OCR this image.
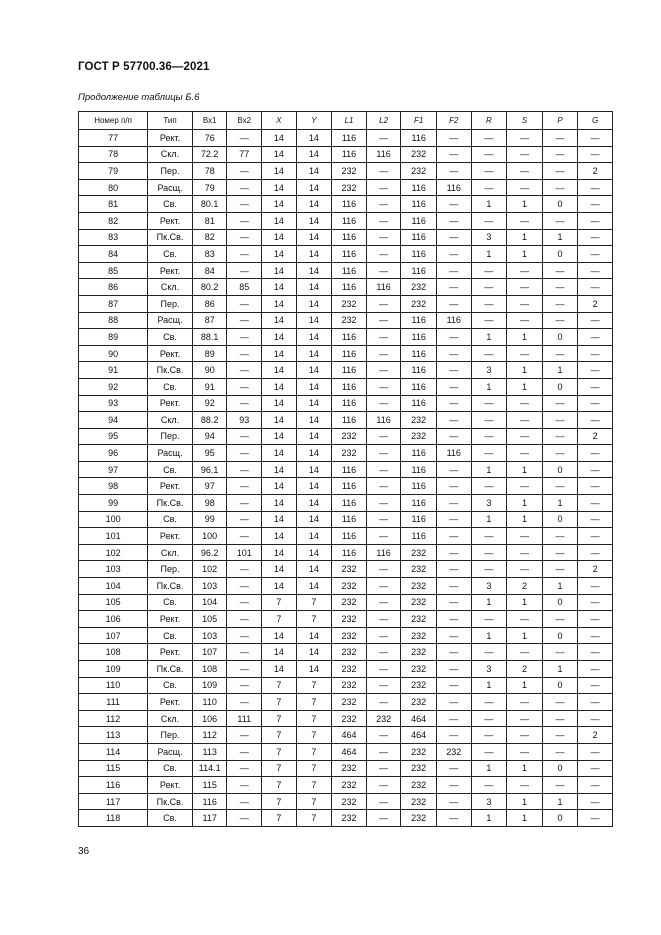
ГОСТ Р 57700.36—2021
Продолжение таблицы Б.6
Номер п/п	Тип	Вх1	Вх2	X	Y	L1	L2	F1	F2	R	S	P	G
77	Рект.	76	—	14	14	116	—	116	—	—	—	—	—
78	Скл.	72.2	77	14	14	116	116	232	—	—	—	—	—
79	Пер.	78	—	14	14	232	—	232	—	—	—	—	2
80	Расщ.	79	—	14	14	232	—	116	116	—	—	—	—
81	Св.	80.1	—	14	14	116	—	116	—	1	1	0	—
82	Рект.	81	—	14	14	116	—	116	—	—	—	—	—
83	Пк.Св.	82	—	14	14	116	—	116	—	3	1	1	—
84	Св.	83	—	14	14	116	—	116	—	1	1	0	—
85	Рект.	84	—	14	14	116	—	116	—	—	—	—	—
86	Скл.	80.2	85	14	14	116	116	232	—	—	—	—	—
87	Пер.	86	—	14	14	232	—	232	—	—	—	—	2
88	Расщ.	87	—	14	14	232	—	116	116	—	—	—	—
89	Св.	88.1	—	14	14	116	—	116	—	1	1	0	—
90	Рект.	89	—	14	14	116	—	116	—	—	—	—	—
91	Пк.Св.	90	—	14	14	116	—	116	—	3	1	1	—
92	Св.	91	—	14	14	116	—	116	—	1	1	0	—
93	Рект.	92	—	14	14	116	—	116	—	—	—	—	—
94	Скл.	88.2	93	14	14	116	116	232	—	—	—	—	—
95	Пер.	94	—	14	14	232	—	232	—	—	—	—	2
96	Расщ.	95	—	14	14	232	—	116	116	—	—	—	—
97	Св.	96.1	—	14	14	116	—	116	—	1	1	0	—
98	Рект.	97	—	14	14	116	—	116	—	—	—	—	—
99	Пк.Св.	98	—	14	14	116	—	116	—	3	1	1	—
100	Св.	99	—	14	14	116	—	116	—	1	1	0	—
101	Рект.	100	—	14	14	116	—	116	—	—	—	—	—
102	Скл.	96.2	101	14	14	116	116	232	—	—	—	—	—
103	Пер.	102	—	14	14	232	—	232	—	—	—	—	2
104	Пк.Св.	103	—	14	14	232	—	232	—	3	2	1	—
105	Св.	104	—	7	7	232	—	232	—	1	1	0	—
106	Рект.	105	—	7	7	232	—	232	—	—	—	—	—
107	Св.	103	—	14	14	232	—	232	—	1	1	0	—
108	Рект.	107	—	14	14	232	—	232	—	—	—	—	—
109	Пк.Св.	108	—	14	14	232	—	232	—	3	2	1	—
110	Св.	109	—	7	7	232	—	232	—	1	1	0	—
111	Рект.	110	—	7	7	232	—	232	—	—	—	—	—
112	Скл.	106	111	7	7	232	232	464	—	—	—	—	—
113	Пер.	112	—	7	7	464	—	464	—	—	—	—	2
114	Расщ.	113	—	7	7	464	—	232	232	—	—	—	—
115	Св.	114.1	—	7	7	232	—	232	—	1	1	0	—
116	Рект.	115	—	7	7	232	—	232	—	—	—	—	—
117	Пк.Св.	116	—	7	7	232	—	232	—	3	1	1	—
118	Св.	117	—	7	7	232	—	232	—	1	1	0	—
36
